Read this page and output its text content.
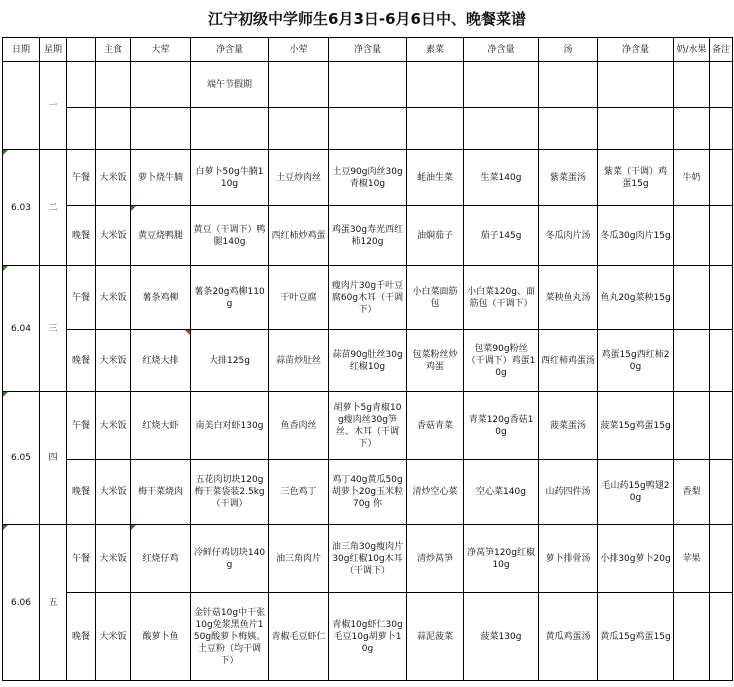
江宁初级中学师生6月3日-6月6日中、晚餐菜谱
日期	星期		主食	大荤	净含量	小荤	净含量	素菜	净含量	汤	净含量	奶/水果	备注
	一				端午节假期								

6.03	二	午餐	大米饭	萝卜烧牛腩	白萝卜50g牛腩110g	土豆炒肉丝	土豆90g肉丝30g青椒10g	蚝油生菜	生菜140g	紫菜蛋汤	紫菜（干调）鸡蛋15g	牛奶	
		晚餐	大米饭	黄豆烧鸭腿	黄豆（干调下）鸭腿140g	西红柿炒鸡蛋	鸡蛋30g寿光西红柿120g	油焖茄子	茄子145g	冬瓜肉片汤	冬瓜30g肉片15g		
6.04	三	午餐	大米饭	薯条鸡柳	薯条20g鸡柳110g	干叶豆腐	瘦肉片30g千叶豆腐60g木耳（干调下）	小白菜面筋包	小白菜120g、面筋包（干调下）	菜秧鱼丸汤	鱼丸20g菜秧15g		
		晚餐	大米饭	红烧大排	大排125g	蒜苗炒肚丝	蒜苗90g肚丝30g红椒10g	包菜粉丝炒鸡蛋	包菜90g粉丝（干调下）鸡蛋10g	西红柿鸡蛋汤	鸡蛋15g西红柿20g		
6.05	四	午餐	大米饭	红烧大虾	南美白对虾130g	鱼香肉丝	胡萝卜5g青椒10g瘦肉丝30g笋丝、木耳（干调下）	香菇青菜	青菜120g香菇10g	菠菜蛋汤	菠菜15g鸡蛋15g		
		晚餐	大米饭	梅干菜烧肉	五花肉切块120g梅干菜袋装2.5kg（干调）	三色鸡丁	鸡丁40g黄瓜50g胡萝卜20g玉米粒70g 你	清炒空心菜	空心菜140g	山药四件汤	毛山药15g鸭翅20g	香梨	
6.06	五	午餐	大米饭	红烧仔鸡	冷鲜仔鸡切块140g	油三角肉片	油三角30g瘦肉片30g红椒10g木耳（干调下）	清炒莴笋	净莴笋120g红椒10g	萝卜排骨汤	小排30g萝卜20g	苹果	
		晚餐	大米饭	酸萝卜鱼	金针菇10g中干张10g免浆黑鱼片150g酸萝卜梅姨、土豆粉（均干调下）	青椒毛豆虾仁	青椒10g虾仁30g毛豆10g胡萝卜10g	蒜泥菠菜	菠菜130g	黄瓜鸡蛋汤	黄瓜15g鸡蛋15g		
